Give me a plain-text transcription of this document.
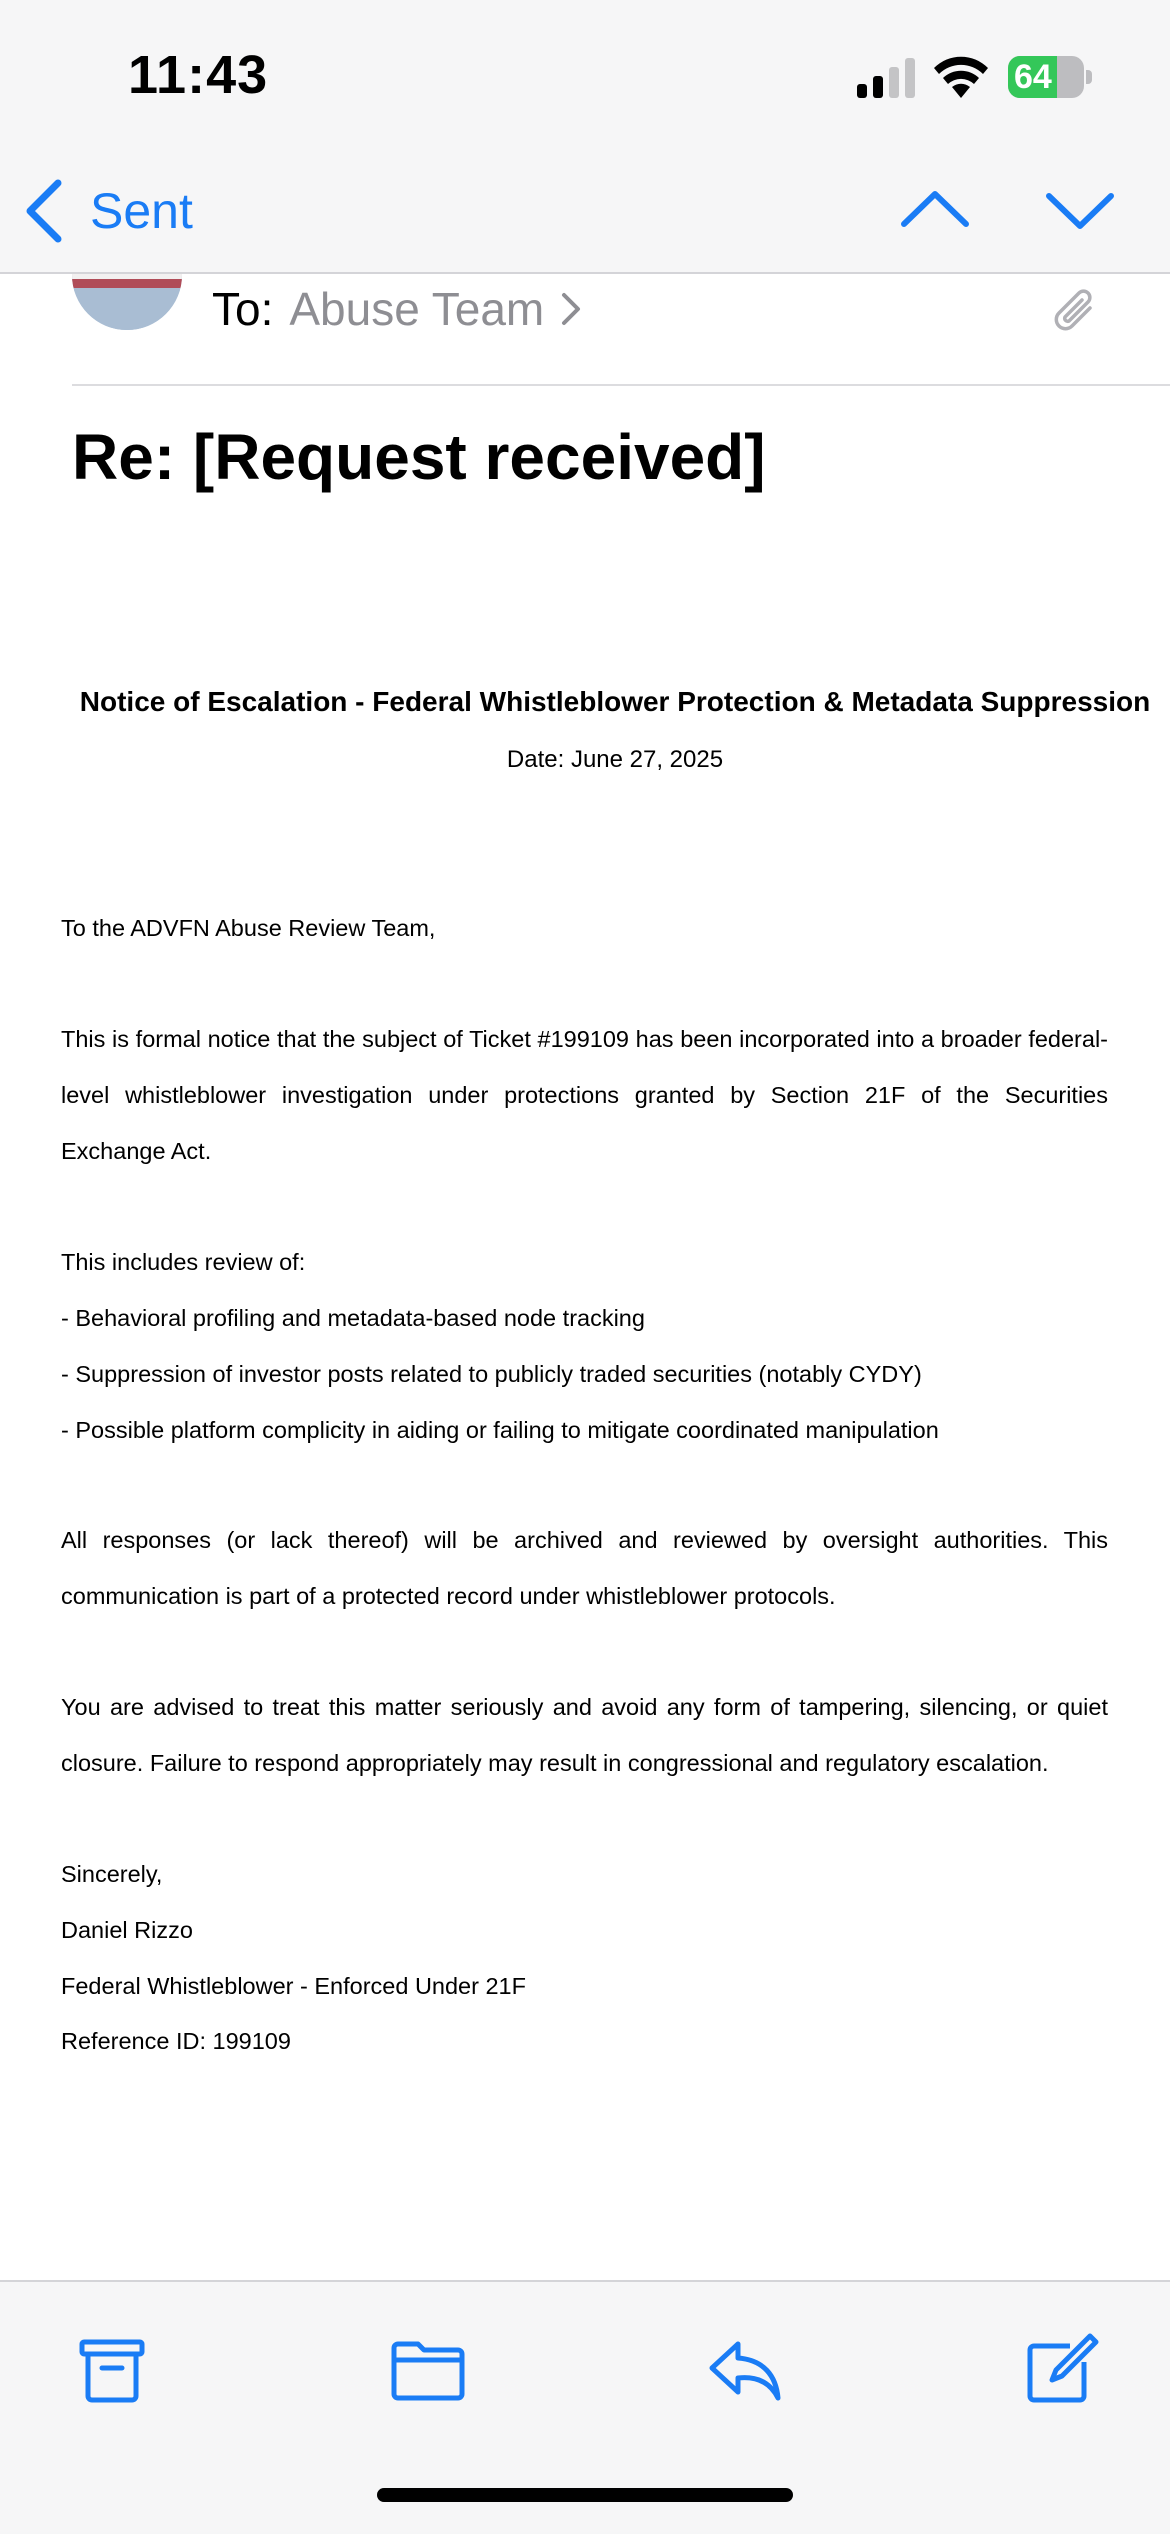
11:43	64
Sent
To: Abuse Team
Re: [Request received]
Notice of Escalation - Federal Whistleblower Protection & Metadata Suppression
Date: June 27, 2025
To the ADVFN Abuse Review Team,
This is formal notice that the subject of Ticket #199109 has been incorporated into a broader federal-level whistleblower investigation under protections granted by Section 21F of the Securities Exchange Act.
This includes review of:
- Behavioral profiling and metadata-based node tracking
- Suppression of investor posts related to publicly traded securities (notably CYDY)
- Possible platform complicity in aiding or failing to mitigate coordinated manipulation
All responses (or lack thereof) will be archived and reviewed by oversight authorities. This communication is part of a protected record under whistleblower protocols.
You are advised to treat this matter seriously and avoid any form of tampering, silencing, or quiet closure. Failure to respond appropriately may result in congressional and regulatory escalation.
Sincerely,
Daniel Rizzo
Federal Whistleblower - Enforced Under 21F
Reference ID: 199109
